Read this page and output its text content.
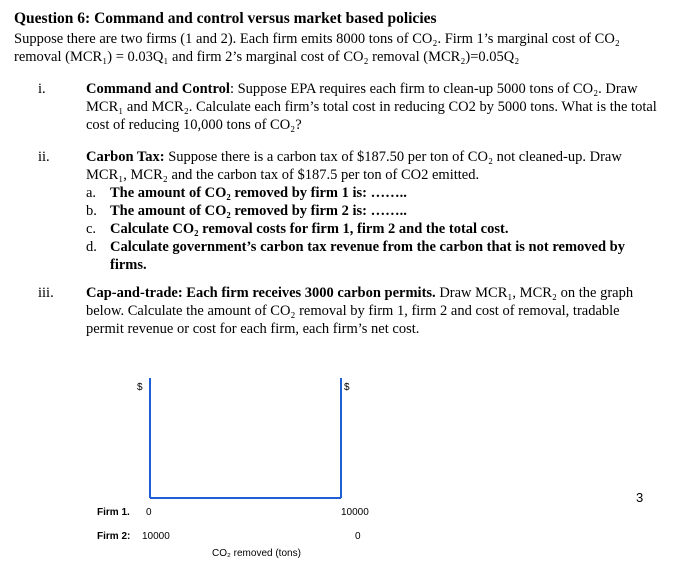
Question 6: Command and control versus market based policies
Suppose there are two firms (1 and 2). Each firm emits 8000 tons of CO₂. Firm 1’s marginal cost of CO₂
removal (MCR₁) = 0.03Q₁ and firm 2’s marginal cost of CO₂ removal (MCR₂)=0.05Q₂
i.	Command and Control: Suppose EPA requires each firm to clean-up 5000 tons of CO₂. Draw MCR₁ and MCR₂. Calculate each firm’s total cost in reducing CO2 by 5000 tons. What is the total cost of reducing 10,000 tons of CO₂?
ii.	Carbon Tax: Suppose there is a carbon tax of $187.50 per ton of CO₂ not cleaned-up. Draw MCR₁, MCR₂ and the carbon tax of $187.5 per ton of CO2 emitted.
a. The amount of CO₂ removed by firm 1 is: ……..
b. The amount of CO₂ removed by firm 2 is: ……..
c. Calculate CO₂ removal costs for firm 1, firm 2 and the total cost.
d. Calculate government’s carbon tax revenue from the carbon that is not removed by firms.
iii.	Cap-and-trade: Each firm receives 3000 carbon permits. Draw MCR₁, MCR₂ on the graph below. Calculate the amount of CO₂ removal by firm 1, firm 2 and cost of removal, tradable permit revenue or cost for each firm, each firm’s net cost.
$	$
Firm 1. 0	10000
Firm 2: 10000	0
CO₂ removed (tons)
3
